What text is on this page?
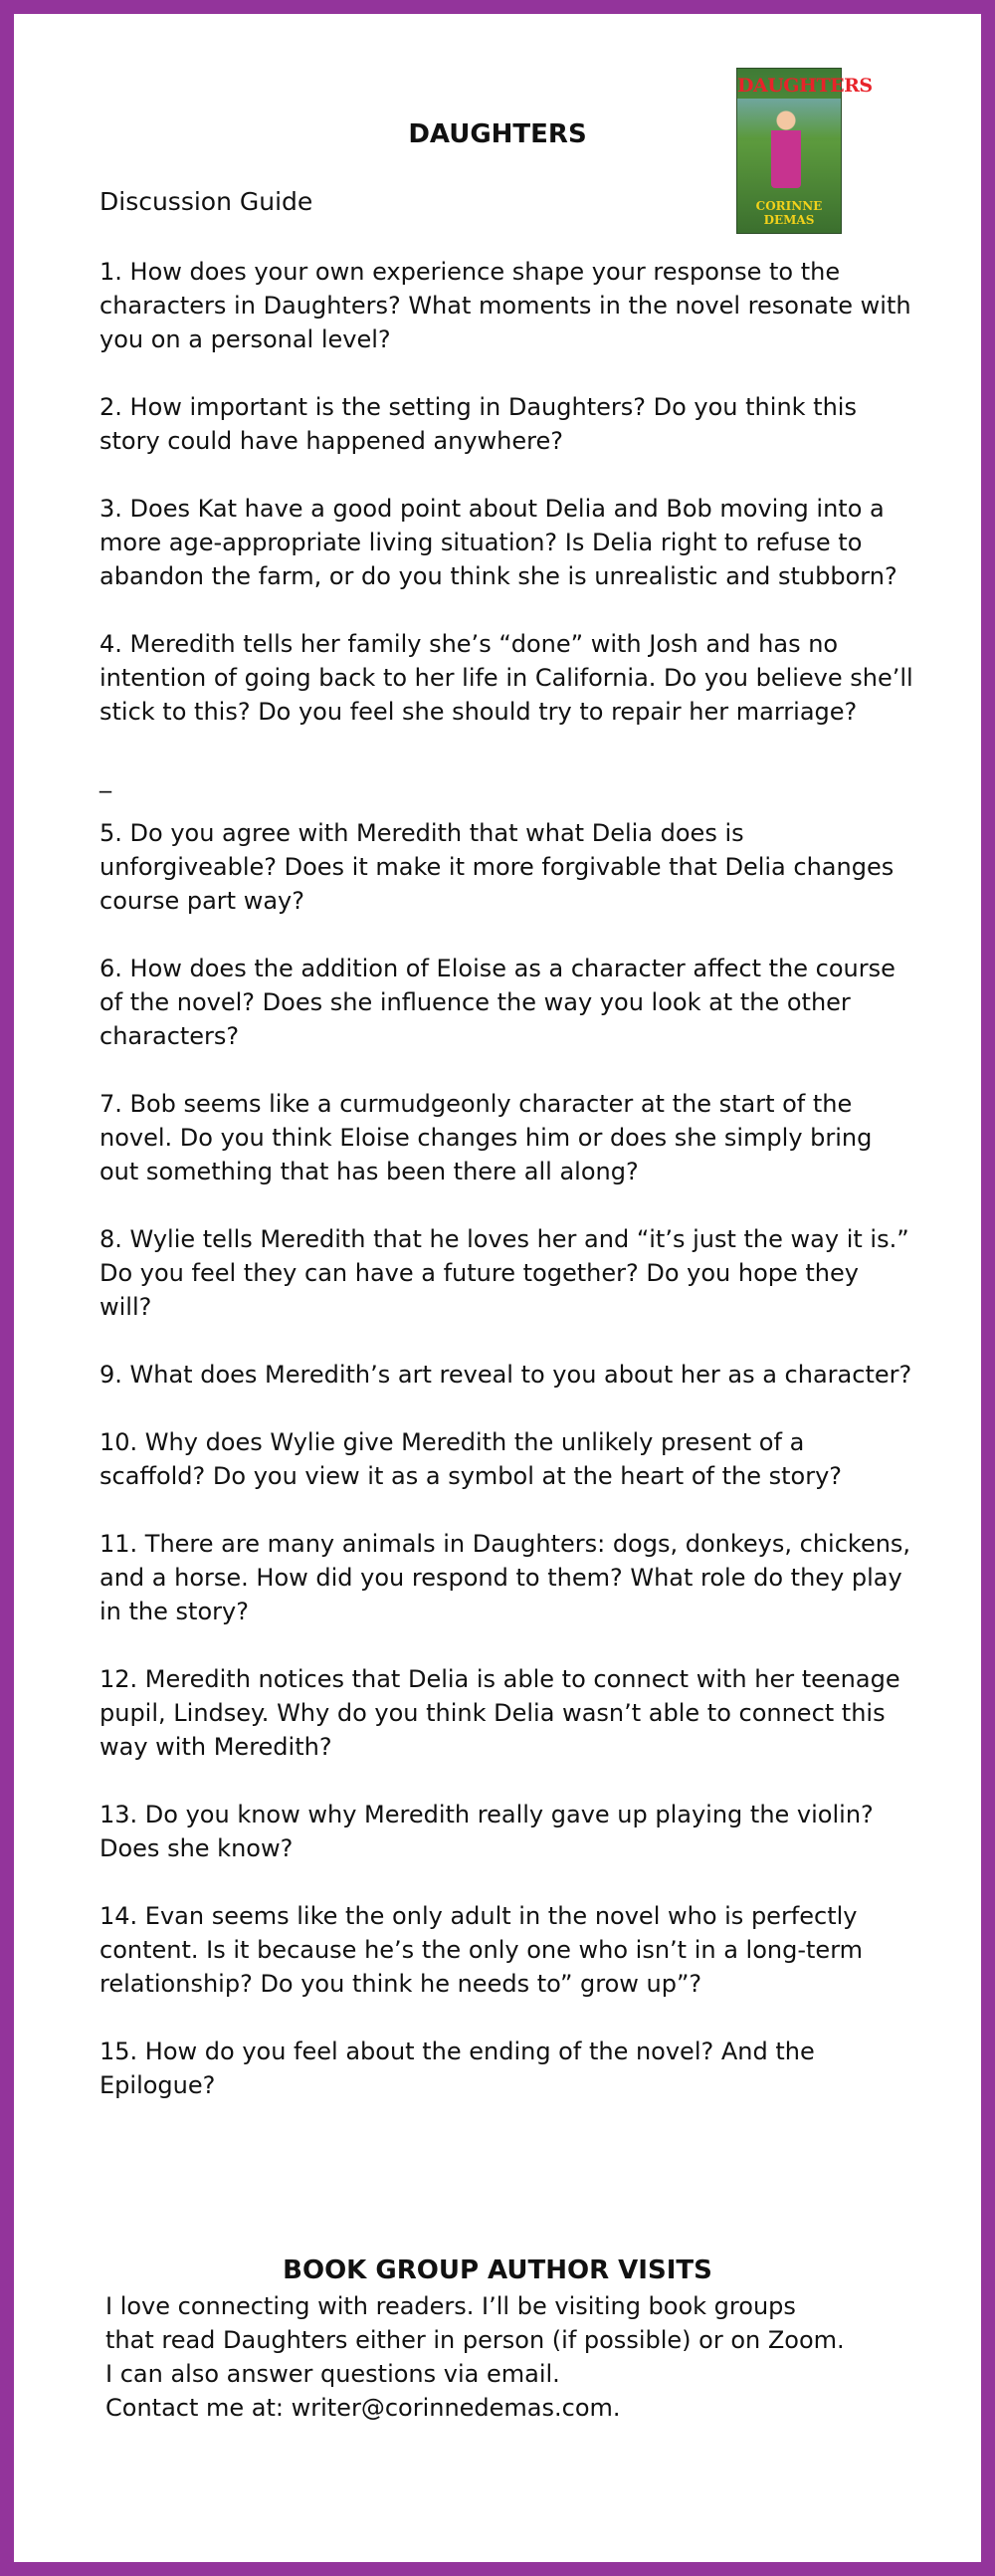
DAUGHTERS
CORINNE DEMAS
DAUGHTERS

Discussion Guide

1. How does your own experience shape your response to the characters in Daughters? What moments in the novel resonate with you on a personal level?
2. How important is the setting in Daughters? Do you think this story could have happened anywhere?
3. Does Kat have a good point about Delia and Bob moving into a more age-appropriate living situation? Is Delia right to refuse to abandon the farm, or do you think she is unrealistic and stubborn?
4. Meredith tells her family she’s “done” with Josh and has no intention of going back to her life in California. Do you believe she’ll stick to this? Do you feel she should try to repair her marriage?
_
5. Do you agree with Meredith that what Delia does is unforgiveable? Does it make it more forgivable that Delia changes course part way?
6. How does the addition of Eloise as a character affect the course of the novel? Does she influence the way you look at the other characters?
7. Bob seems like a curmudgeonly character at the start of the novel. Do you think Eloise changes him or does she simply bring out something that has been there all along?
8. Wylie tells Meredith that he loves her and “it’s just the way it is.” Do you feel they can have a future together? Do you hope they will?
9. What does Meredith’s art reveal to you about her as a character?
10. Why does Wylie give Meredith the unlikely present of a scaffold? Do you view it as a symbol at the heart of the story?
11. There are many animals in Daughters: dogs, donkeys, chickens, and a horse. How did you respond to them? What role do they play in the story?
12. Meredith notices that Delia is able to connect with her teenage pupil, Lindsey. Why do you think Delia wasn’t able to connect this way with Meredith?
13. Do you know why Meredith really gave up playing the violin? Does she know?
14. Evan seems like the only adult in the novel who is perfectly content. Is it because he’s the only one who isn’t in a long-term relationship? Do you think he needs to” grow up”?
15. How do you feel about the ending of the novel? And the Epilogue?
BOOK GROUP AUTHOR VISITS

I love connecting with readers. I’ll be visiting book groups

that read Daughters either in person (if possible) or on Zoom.

I can also answer questions via email.

Contact me at: writer@corinnedemas.com.
